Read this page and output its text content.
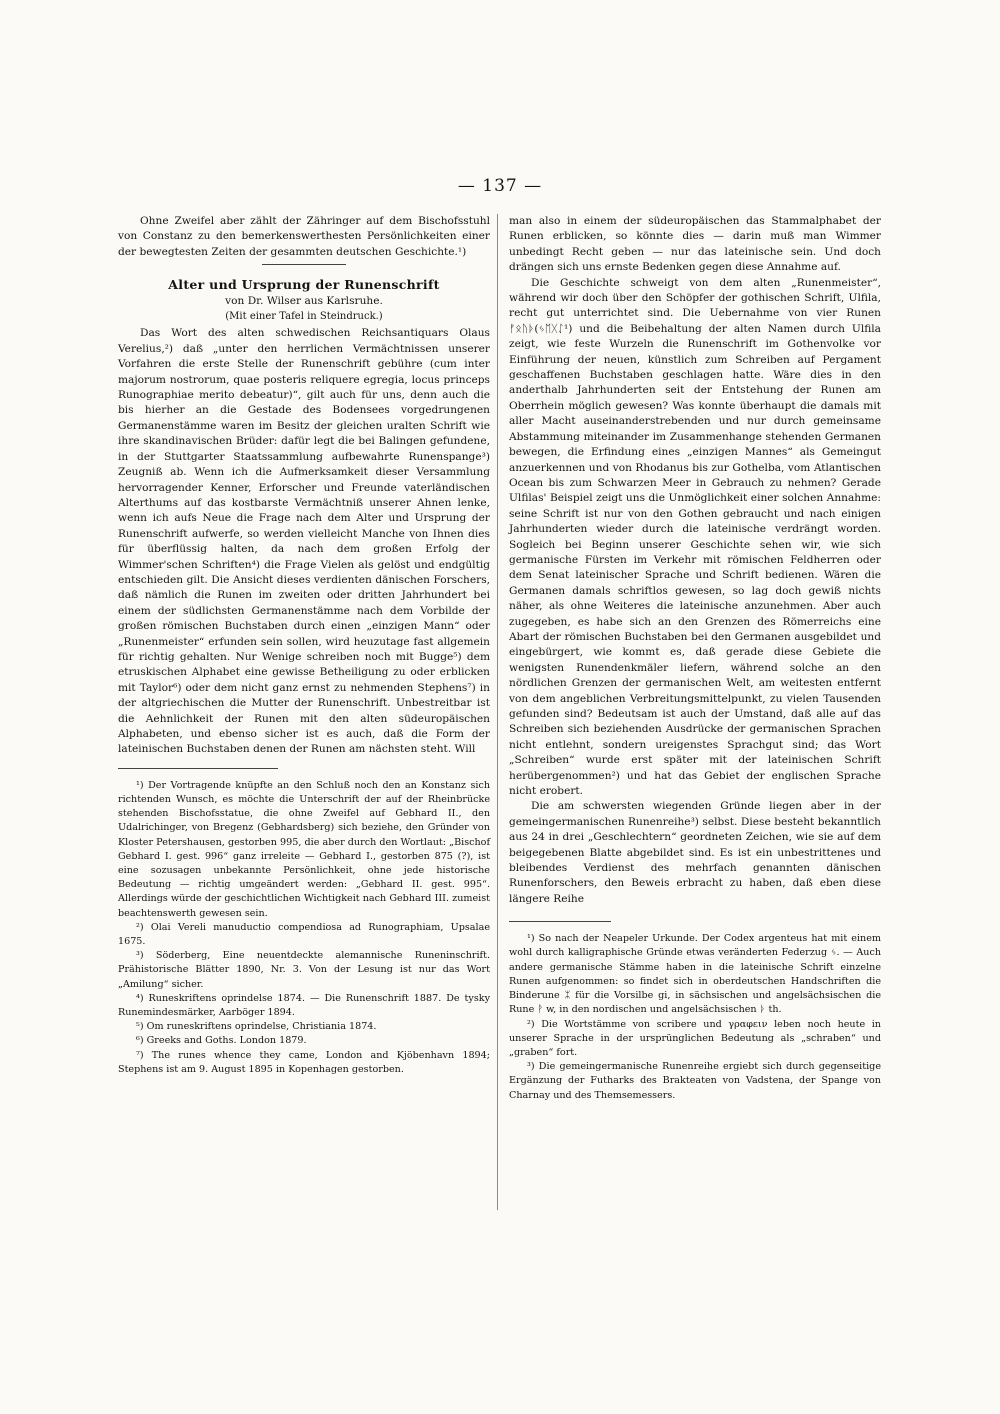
— 137 —

Ohne Zweifel aber zählt der Zähringer auf dem Bischofsstuhl von Constanz zu den bemerkenswerthesten Persönlichkeiten einer der bewegtesten Zeiten der gesammten deutschen Geschichte.¹)

Alter und Ursprung der Runenschrift
von Dr. Wilser aus Karlsruhe.
(Mit einer Tafel in Steindruck.)

Das Wort des alten schwedischen Reichsantiquars Olaus Verelius,²) daß „unter den herrlichen Vermächtnissen unserer Vorfahren die erste Stelle der Runenschrift gebühre (cum inter majorum nostrorum, quae posteris reliquere egregia, locus princeps Runographiae merito debeatur)“, gilt auch für uns, denn auch die bis hierher an die Gestade des Bodensees vorgedrungenen Germanenstämme waren im Besitz der gleichen uralten Schrift wie ihre skandinavischen Brüder: dafür legt die bei Balingen gefundene, in der Stuttgarter Staatssammlung aufbewahrte Runenspange³) Zeugniß ab. Wenn ich die Aufmerksamkeit dieser Versammlung hervorragender Kenner, Erforscher und Freunde vaterländischen Alterthums auf das kostbarste Vermächtniß unserer Ahnen lenke, wenn ich aufs Neue die Frage nach dem Alter und Ursprung der Runenschrift aufwerfe, so werden vielleicht Manche von Ihnen dies für überflüssig halten, da nach dem großen Erfolg der Wimmer'schen Schriften⁴) die Frage Vielen als gelöst und endgültig entschieden gilt. Die Ansicht dieses verdienten dänischen Forschers, daß nämlich die Runen im zweiten oder dritten Jahrhundert bei einem der südlichsten Germanenstämme nach dem Vorbilde der großen römischen Buchstaben durch einen „einzigen Mann“ oder „Runenmeister“ erfunden sein sollen, wird heuzutage fast allgemein für richtig gehalten. Nur Wenige schreiben noch mit Bugge⁵) dem etruskischen Alphabet eine gewisse Betheiligung zu oder erblicken mit Taylor⁶) oder dem nicht ganz ernst zu nehmenden Stephens⁷) in der altgriechischen die Mutter der Runenschrift. Unbestreitbar ist die Aehnlichkeit der Runen mit den alten südeuropäischen Alphabeten, und ebenso sicher ist es auch, daß die Form der lateinischen Buchstaben denen der Runen am nächsten steht. Will

¹) Der Vortragende knüpfte an den Schluß noch den an Konstanz sich richtenden Wunsch, es möchte die Unterschrift der auf der Rheinbrücke stehenden Bischofsstatue, die ohne Zweifel auf Gebhard II., den Udalrichinger, von Bregenz (Gebhardsberg) sich beziehe, den Gründer von Kloster Petershausen, gestorben 995, die aber durch den Wortlaut: „Bischof Gebhard I. gest. 996“ ganz irreleite — Gebhard I., gestorben 875 (?), ist eine sozusagen unbekannte Persönlichkeit, ohne jede historische Bedeutung — richtig umgeändert werden: „Gebhard II. gest. 995“. Allerdings würde der geschichtlichen Wichtigkeit nach Gebhard III. zumeist beachtenswerth gewesen sein.

²) Olai Vereli manuductio compendiosa ad Runographiam, Upsalae 1675.

³) Söderberg, Eine neuentdeckte alemannische Runeninschrift. Prähistorische Blätter 1890, Nr. 3. Von der Lesung ist nur das Wort „Amilung“ sicher.

⁴) Runeskriftens oprindelse 1874. — Die Runenschrift 1887. De tysky Runemindesmärker, Aarböger 1894.

⁵) Om runeskriftens oprindelse, Christiania 1874.

⁶) Greeks and Goths. London 1879.

⁷) The runes whence they came, London and Kjöbenhavn 1894; Stephens ist am 9. August 1895 in Kopenhagen gestorben.

man also in einem der südeuropäischen das Stammalphabet der Runen erblicken, so könnte dies — darin muß man Wimmer unbedingt Recht geben — nur das lateinische sein. Und doch drängen sich uns ernste Bedenken gegen diese Annahme auf.

Die Geschichte schweigt von dem alten „Runenmeister“, während wir doch über den Schöpfer der gothischen Schrift, Ulfila, recht gut unterrichtet sind. Die Uebernahme von vier Runen ᚠᛟᚢᚦ(ᛃᛖᚷᛇ¹) und die Beibehaltung der alten Namen durch Ulfila zeigt, wie feste Wurzeln die Runenschrift im Gothenvolke vor Einführung der neuen, künstlich zum Schreiben auf Pergament geschaffenen Buchstaben geschlagen hatte. Wäre dies in den anderthalb Jahrhunderten seit der Entstehung der Runen am Oberrhein möglich gewesen? Was konnte überhaupt die damals mit aller Macht auseinanderstrebenden und nur durch gemeinsame Abstammung miteinander im Zusammenhange stehenden Germanen bewegen, die Erfindung eines „einzigen Mannes“ als Gemeingut anzuerkennen und von Rhodanus bis zur Gothelba, vom Atlantischen Ocean bis zum Schwarzen Meer in Gebrauch zu nehmen? Gerade Ulfilas' Beispiel zeigt uns die Unmöglichkeit einer solchen Annahme: seine Schrift ist nur von den Gothen gebraucht und nach einigen Jahrhunderten wieder durch die lateinische verdrängt worden. Sogleich bei Beginn unserer Geschichte sehen wir, wie sich germanische Fürsten im Verkehr mit römischen Feldherren oder dem Senat lateinischer Sprache und Schrift bedienen. Wären die Germanen damals schriftlos gewesen, so lag doch gewiß nichts näher, als ohne Weiteres die lateinische anzunehmen. Aber auch zugegeben, es habe sich an den Grenzen des Römerreichs eine Abart der römischen Buchstaben bei den Germanen ausgebildet und eingebürgert, wie kommt es, daß gerade diese Gebiete die wenigsten Runendenkmäler liefern, während solche an den nördlichen Grenzen der germanischen Welt, am weitesten entfernt von dem angeblichen Verbreitungsmittelpunkt, zu vielen Tausenden gefunden sind? Bedeutsam ist auch der Umstand, daß alle auf das Schreiben sich beziehenden Ausdrücke der germanischen Sprachen nicht entlehnt, sondern ureigenstes Sprachgut sind; das Wort „Schreiben“ wurde erst später mit der lateinischen Schrift herübergenommen²) und hat das Gebiet der englischen Sprache nicht erobert.

Die am schwersten wiegenden Gründe liegen aber in der gemeingermanischen Runenreihe³) selbst. Diese besteht bekanntlich aus 24 in drei „Geschlechtern“ geordneten Zeichen, wie sie auf dem beigegebenen Blatte abgebildet sind. Es ist ein unbestrittenes und bleibendes Verdienst des mehrfach genannten dänischen Runenforschers, den Beweis erbracht zu haben, daß eben diese längere Reihe

¹) So nach der Neapeler Urkunde. Der Codex argenteus hat mit einem wohl durch kalligraphische Gründe etwas veränderten Federzug ᛃ. — Auch andere germanische Stämme haben in die lateinische Schrift einzelne Runen aufgenommen: so findet sich in oberdeutschen Handschriften die Binderune ᛯ für die Vorsilbe gi, in sächsischen und angelsächsischen die Rune ᚹ w, in den nordischen und angelsächsischen ᚦ th.

²) Die Wortstämme von scribere und γραφειν leben noch heute in unserer Sprache in der ursprünglichen Bedeutung als „schraben“ und „graben“ fort.

³) Die gemeingermanische Runenreihe ergiebt sich durch gegenseitige Ergänzung der Futharks des Brakteaten von Vadstena, der Spange von Charnay und des Themsemessers.
